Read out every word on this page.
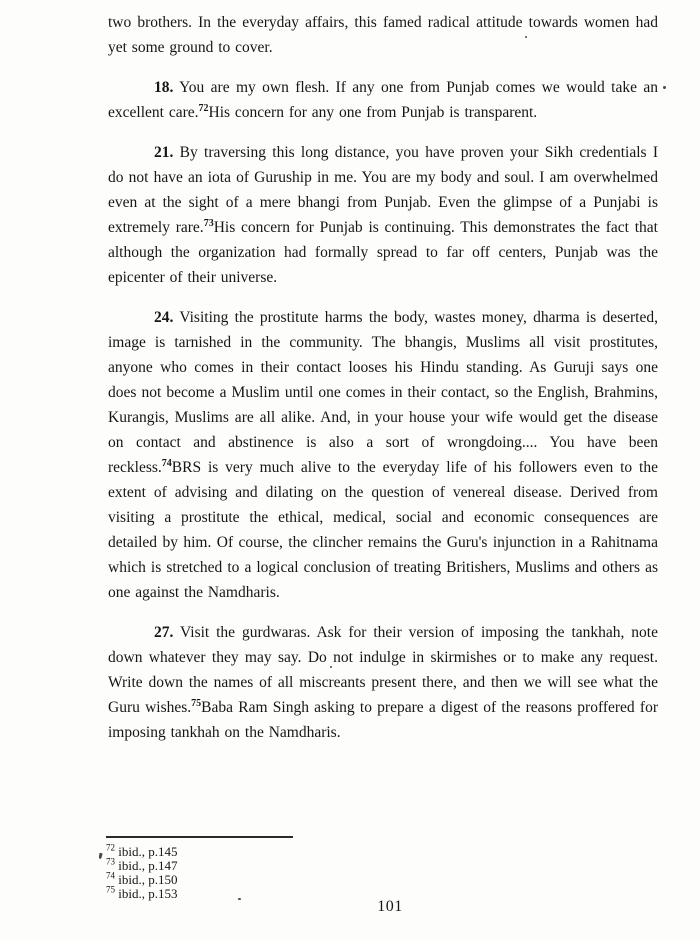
two brothers. In the everyday affairs, this famed radical attitude towards women had yet some ground to cover.

18. You are my own flesh. If any one from Punjab comes we would take an excellent care.$^{72}$His concern for any one from Punjab is transparent.

21. By traversing this long distance, you have proven your Sikh credentials I do not have an iota of Guruship in me. You are my body and soul. I am overwhelmed even at the sight of a mere bhangi from Punjab. Even the glimpse of a Punjabi is extremely rare.$^{73}$His concern for Punjab is continuing. This demonstrates the fact that although the organization had formally spread to far off centers, Punjab was the epicenter of their universe.

24. Visiting the prostitute harms the body, wastes money, dharma is deserted, image is tarnished in the community. The bhangis, Muslims all visit prostitutes, anyone who comes in their contact looses his Hindu standing. As Guruji says one does not become a Muslim until one comes in their contact, so the English, Brahmins, Kurangis, Muslims are all alike. And, in your house your wife would get the disease on contact and abstinence is also a sort of wrongdoing.... You have been reckless.$^{74}$BRS is very much alive to the everyday life of his followers even to the extent of advising and dilating on the question of venereal disease. Derived from visiting a prostitute the ethical, medical, social and economic consequences are detailed by him. Of course, the clincher remains the Guru's injunction in a Rahitnama which is stretched to a logical conclusion of treating Britishers, Muslims and others as one against the Namdharis.

27. Visit the gurdwaras. Ask for their version of imposing the tankhah, note down whatever they may say. Do not indulge in skirmishes or to make any request. Write down the names of all miscreants present there, and then we will see what the Guru wishes.$^{75}$Baba Ram Singh asking to prepare a digest of the reasons proffered for imposing tankhah on the Namdharis.

$^{72}$ ibid., p.145
$^{73}$ ibid., p.147
$^{74}$ ibid., p.150
$^{75}$ ibid., p.153
101
